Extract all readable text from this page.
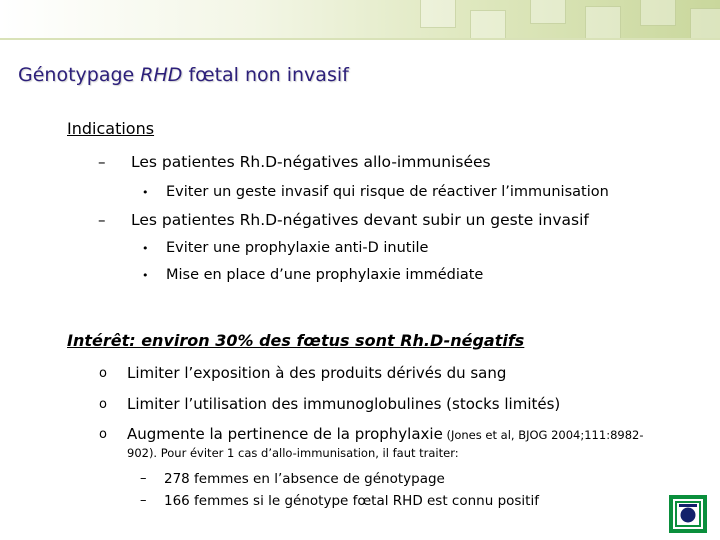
Génotypage RHD fœtal non invasif
Indications
– Les patientes Rh.D-négatives allo-immunisées
• Eviter un geste invasif qui risque de réactiver l’immunisation
– Les patientes Rh.D-négatives devant subir un geste invasif
• Eviter une prophylaxie anti-D inutile
• Mise en place d’une prophylaxie immédiate
Intérêt: environ 30% des fœtus sont Rh.D-négatifs
o Limiter l’exposition à des produits dérivés du sang
o Limiter l’utilisation des immunoglobulines (stocks limités)
o Augmente la pertinence de la prophylaxie (Jones et al, BJOG 2004;111:8982-
902). Pour éviter 1 cas d’allo-immunisation, il faut traiter:
– 278 femmes en l’absence de génotypage
– 166 femmes si le génotype fœtal RHD est connu positif
